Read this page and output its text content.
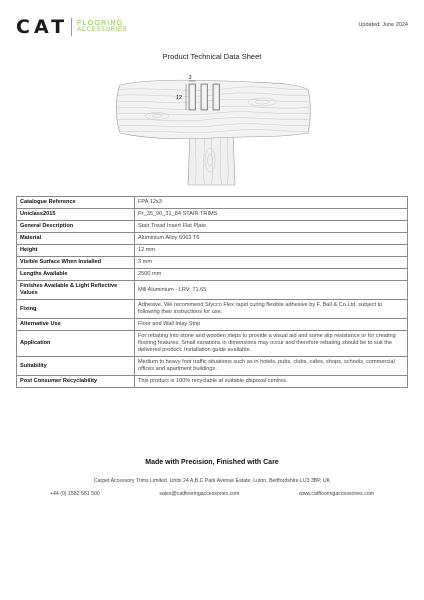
CAT FLOORING
ACCESSORIES
Updated: June 2024
Product Technical Data Sheet
3
12
Catalogue Reference	FPA 12x3
Uniclass2015	Pr_35_90_31_84 STAIR TRIMS
General Description	Stair Tread Insert Flat Plate
Material	Aluminium Alloy 6063 T6
Height	12 mm
Visible Surface When Installed	3 mm
Lengths Available	2500 mm
Finishes Available & Light Reflective Values	Mill Aluminium - LRV: 71.65
Fixing	Adhesive. We recommend Stycco Flex rapid curing flexible adhesive by F. Ball & Co Ltd. subject to following their instructions for use.
Alternative Use	Floor and Wall Inlay Strip
Application	For rebating into stone and wooden steps to provide a visual aid and some slip resistance or for creating flooring features. Small variations in dimensions may occur and therefore rebating should be to suit the delivered product. Installation guide available.
Suitability	Medium to heavy foot traffic situations such as in hotels, pubs, clubs, cafes, shops, schools, commercial offices and apartment buildings.
Post Consumer Recyclability	This product is 100% recyclable at suitable disposal centres.
Made with Precision, Finished with Care
Carpet Accessory Trims Limited. Units 24 A,B,C Park Avenue Estate, Luton, Bedfordshire LU3 3BP, UK
+44 (0) 1582 561 500	sales@catflooringaccessories.com	www.catflooringaccessories.com
